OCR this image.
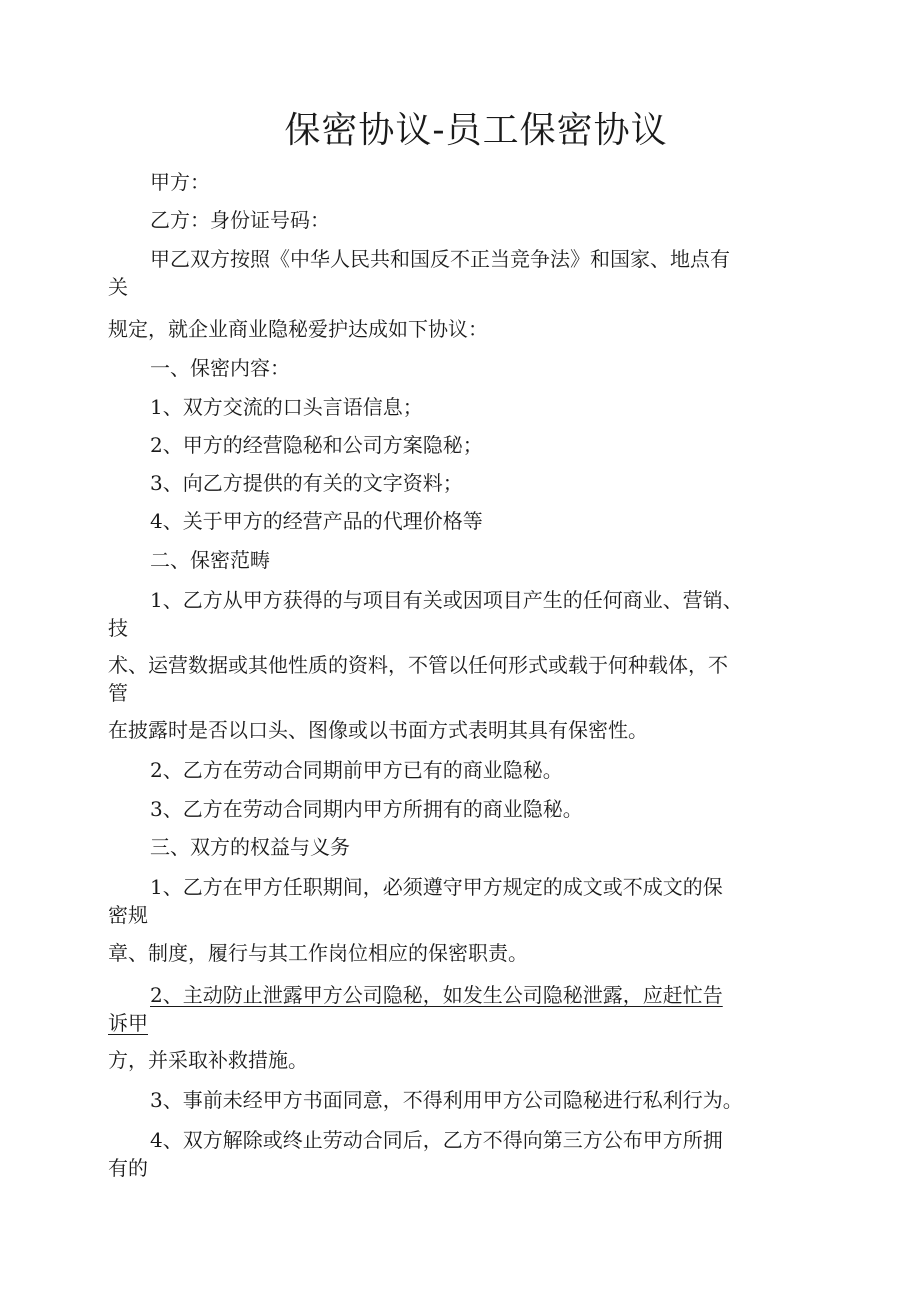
保密协议-员工保密协议
甲方：
乙方：身份证号码：
甲乙双方按照《中华人民共和国反不正当竞争法》和国家、地点有
关
规定，就企业商业隐秘爱护达成如下协议：
一、保密内容：
1、双方交流的口头言语信息；
2、甲方的经营隐秘和公司方案隐秘；
3、向乙方提供的有关的文字资料；
4、关于甲方的经营产品的代理价格等
二、保密范畴
1、乙方从甲方获得的与项目有关或因项目产生的任何商业、营销、
技
术、运营数据或其他性质的资料，不管以任何形式或载于何种载体，不
管
在披露时是否以口头、图像或以书面方式表明其具有保密性。
2、乙方在劳动合同期前甲方已有的商业隐秘。
3、乙方在劳动合同期内甲方所拥有的商业隐秘。
三、双方的权益与义务
1、乙方在甲方任职期间，必须遵守甲方规定的成文或不成文的保
密规
章、制度，履行与其工作岗位相应的保密职责。
2、主动防止泄露甲方公司隐秘，如发生公司隐秘泄露，应赶忙告
诉甲
方，并采取补救措施。
3、事前未经甲方书面同意，不得利用甲方公司隐秘进行私利行为。
4、双方解除或终止劳动合同后，乙方不得向第三方公布甲方所拥
有的
